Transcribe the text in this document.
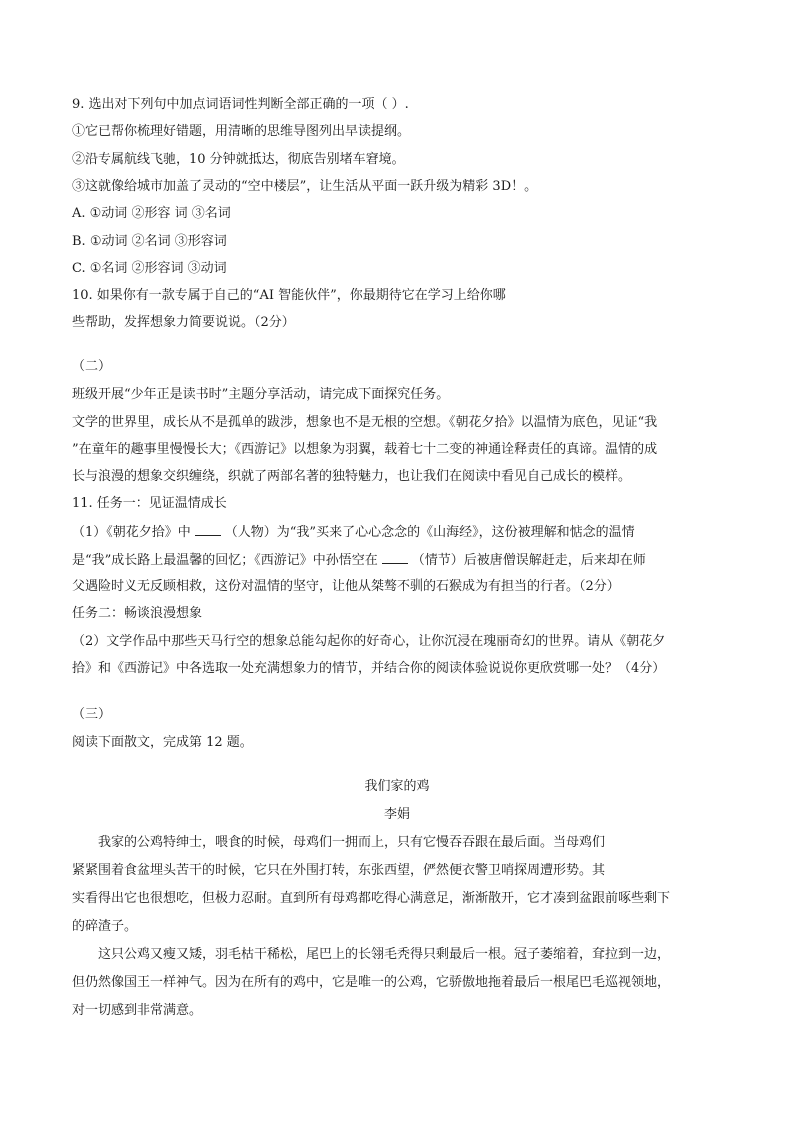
9. 选出对下列句中加点词语词性判断全部正确的一项（ ）.
①它已帮你梳理好错题，用清晰的思维导图列出早读提纲。
②沿专属航线飞驰，10 分钟就抵达，彻底告别堵车窘境。
③这就像给城市加盖了灵动的“空中楼层”，让生活从平面一跃升级为精彩 3D！。
A. ①动词 ②形容 词 ③名词
B. ①动词 ②名词 ③形容词
C. ①名词 ②形容词 ③动词
10. 如果你有一款专属于自己的“AI 智能伙伴”，你最期待它在学习上给你哪
些帮助，发挥想象力简要说说。（2分）
（二）
班级开展“少年正是读书时”主题分享活动，请完成下面探究任务。
文学的世界里，成长从不是孤单的跋涉，想象也不是无根的空想。《朝花夕拾》以温情为底色，见证“我
”在童年的趣事里慢慢长大；《西游记》以想象为羽翼，载着七十二变的神通诠释责任的真谛。温情的成
长与浪漫的想象交织缠绕，织就了两部名著的独特魅力，也让我们在阅读中看见自己成长的模样。
11. 任务一：见证温情成长
（1）《朝花夕拾》中	（人物）为“我”买来了心心念念的《山海经》，这份被理解和惦念的温情
是“我”成长路上最温馨的回忆；《西游记》中孙悟空在	（情节）后被唐僧误解赶走，后来却在师
父遇险时义无反顾相救，这份对温情的坚守，让他从桀骜不驯的石猴成为有担当的行者。（2分）
任务二：畅谈浪漫想象
（2）文学作品中那些天马行空的想象总能勾起你的好奇心，让你沉浸在瑰丽奇幻的世界。请从《朝花夕
拾》和《西游记》中各选取一处充满想象力的情节，并结合你的阅读体验说说你更欣赏哪一处？（4分）
（三）
阅读下面散文，完成第 12 题。
我们家的鸡
李娟
我家的公鸡特绅士，喂食的时候，母鸡们一拥而上，只有它慢吞吞跟在最后面。当母鸡们
紧紧围着食盆埋头苦干的时候，它只在外围打转，东张西望，俨然便衣警卫哨探周遭形势。其
实看得出它也很想吃，但极力忍耐。直到所有母鸡都吃得心满意足，渐渐散开，它才凑到盆跟前啄些剩下
的碎渣子。
这只公鸡又瘦又矮，羽毛枯干稀松，尾巴上的长翎毛秃得只剩最后一根。冠子萎缩着，耷拉到一边，
但仍然像国王一样神气。因为在所有的鸡中，它是唯一的公鸡，它骄傲地拖着最后一根尾巴毛巡视领地，
对一切感到非常满意。
